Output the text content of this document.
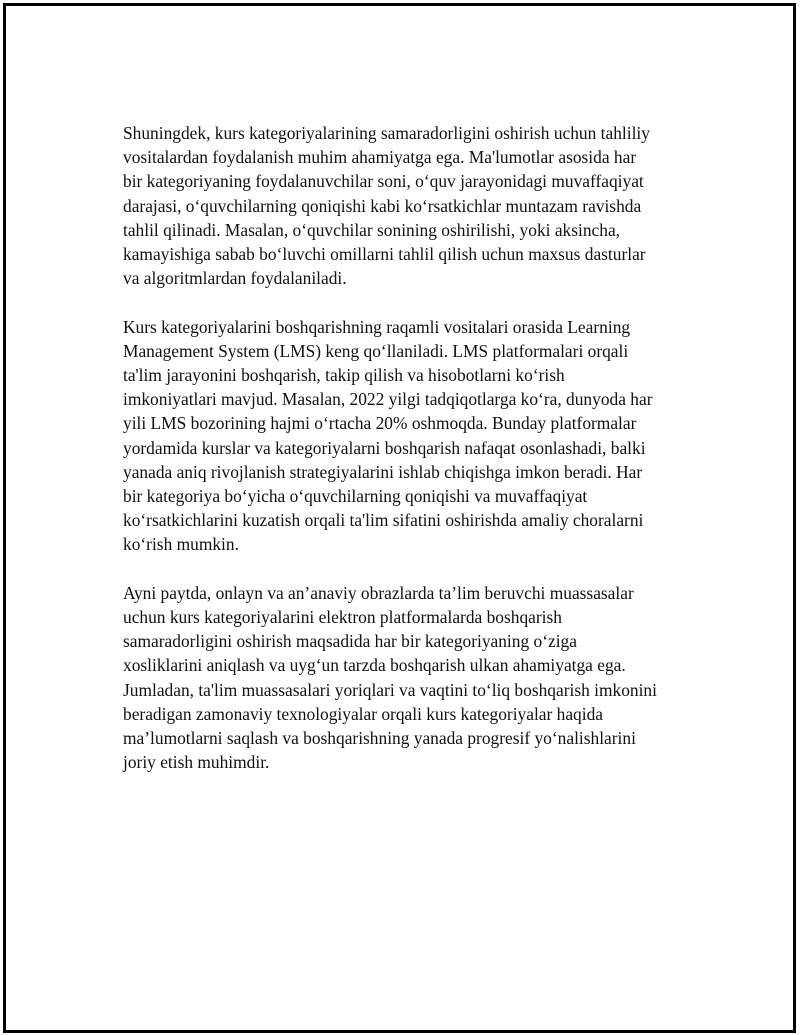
Shuningdek, kurs kategoriyalarining samaradorligini oshirish uchun tahliliy
vositalardan foydalanish muhim ahamiyatga ega. Ma'lumotlar asosida har
bir kategoriyaning foydalanuvchilar soni, o‘quv jarayonidagi muvaffaqiyat
darajasi, o‘quvchilarning qoniqishi kabi ko‘rsatkichlar muntazam ravishda
tahlil qilinadi. Masalan, o‘quvchilar sonining oshirilishi, yoki aksincha,
kamayishiga sabab bo‘luvchi omillarni tahlil qilish uchun maxsus dasturlar
va algoritmlardan foydalaniladi.

Kurs kategoriyalarini boshqarishning raqamli vositalari orasida Learning
Management System (LMS) keng qo‘llaniladi. LMS platformalari orqali
ta'lim jarayonini boshqarish, takip qilish va hisobotlarni ko‘rish
imkoniyatlari mavjud. Masalan, 2022 yilgi tadqiqotlarga ko‘ra, dunyoda har
yili LMS bozorining hajmi o‘rtacha 20% oshmoqda. Bunday platformalar
yordamida kurslar va kategoriyalarni boshqarish nafaqat osonlashadi, balki
yanada aniq rivojlanish strategiyalarini ishlab chiqishga imkon beradi. Har
bir kategoriya bo‘yicha o‘quvchilarning qoniqishi va muvaffaqiyat
ko‘rsatkichlarini kuzatish orqali ta'lim sifatini oshirishda amaliy choralarni
ko‘rish mumkin.

Ayni paytda, onlayn va an’anaviy obrazlarda ta’lim beruvchi muassasalar
uchun kurs kategoriyalarini elektron platformalarda boshqarish
samaradorligini oshirish maqsadida har bir kategoriyaning o‘ziga
xosliklarini aniqlash va uyg‘un tarzda boshqarish ulkan ahamiyatga ega.
Jumladan, ta'lim muassasalari yoriqlari va vaqtini to‘liq boshqarish imkonini
beradigan zamonaviy texnologiyalar orqali kurs kategoriyalar haqida
ma’lumotlarni saqlash va boshqarishning yanada progresif yo‘nalishlarini
joriy etish muhimdir.
